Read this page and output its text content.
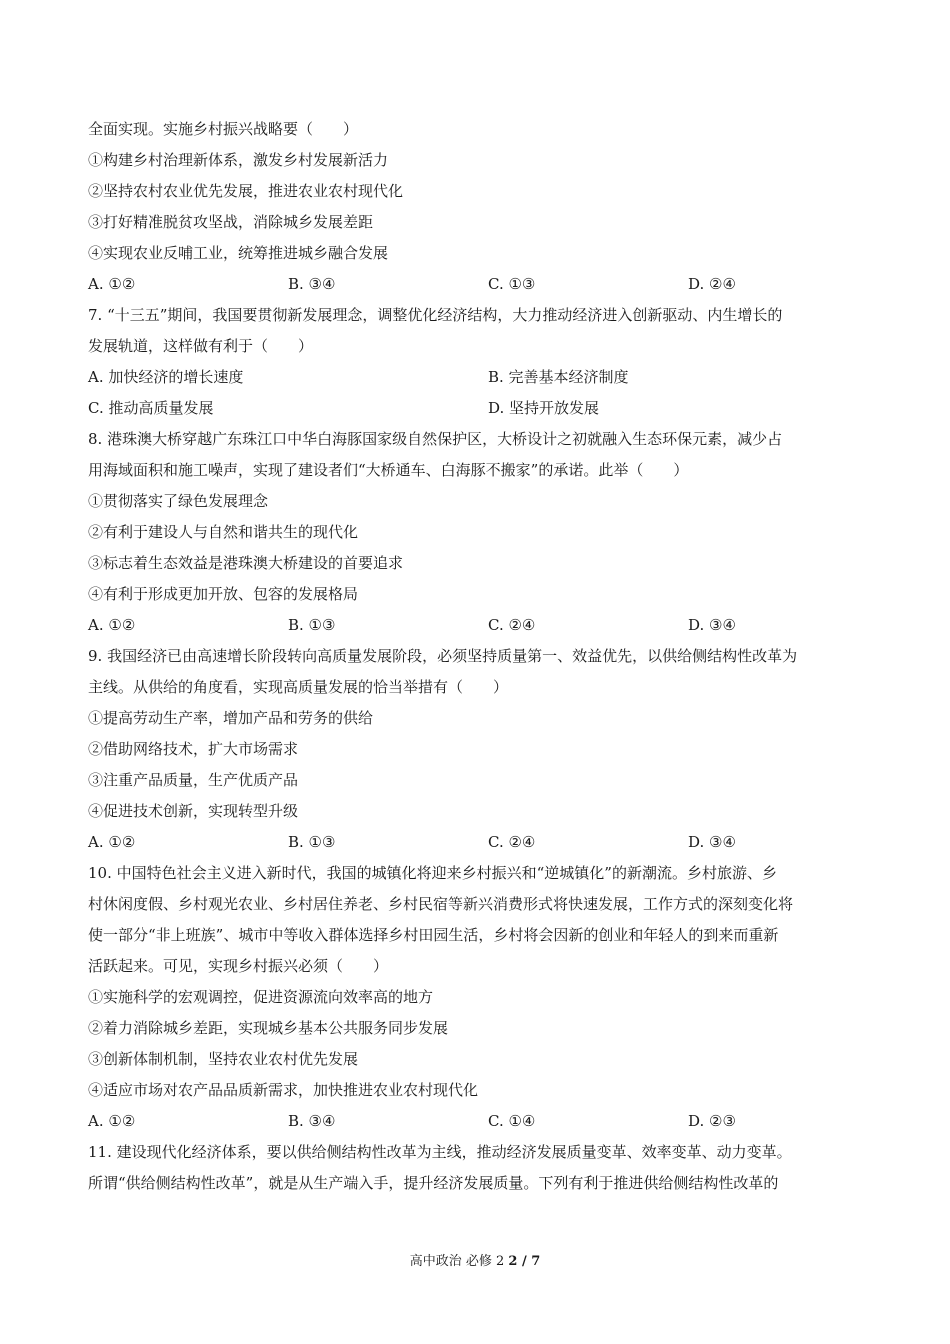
全面实现。实施乡村振兴战略要（　　）
①构建乡村治理新体系，激发乡村发展新活力
②坚持农村农业优先发展，推进农业农村现代化
③打好精准脱贫攻坚战，消除城乡发展差距
④实现农业反哺工业，统筹推进城乡融合发展
A. ①②	B. ③④	C. ①③	D. ②④
7. “十三五”期间，我国要贯彻新发展理念，调整优化经济结构，大力推动经济进入创新驱动、内生增长的
发展轨道，这样做有利于（　　）
A. 加快经济的增长速度	B. 完善基本经济制度
C. 推动高质量发展	D. 坚持开放发展
8. 港珠澳大桥穿越广东珠江口中华白海豚国家级自然保护区，大桥设计之初就融入生态环保元素，减少占
用海域面积和施工噪声，实现了建设者们“大桥通车、白海豚不搬家”的承诺。此举（　　）
①贯彻落实了绿色发展理念
②有利于建设人与自然和谐共生的现代化
③标志着生态效益是港珠澳大桥建设的首要追求
④有利于形成更加开放、包容的发展格局
A. ①②	B. ①③	C. ②④	D. ③④
9. 我国经济已由高速增长阶段转向高质量发展阶段，必须坚持质量第一、效益优先，以供给侧结构性改革为
主线。从供给的角度看，实现高质量发展的恰当举措有（　　）
①提高劳动生产率，增加产品和劳务的供给
②借助网络技术，扩大市场需求
③注重产品质量，生产优质产品
④促进技术创新，实现转型升级
A. ①②	B. ①③	C. ②④	D. ③④
10. 中国特色社会主义进入新时代，我国的城镇化将迎来乡村振兴和“逆城镇化”的新潮流。乡村旅游、乡
村休闲度假、乡村观光农业、乡村居住养老、乡村民宿等新兴消费形式将快速发展，工作方式的深刻变化将
使一部分“非上班族”、城市中等收入群体选择乡村田园生活，乡村将会因新的创业和年轻人的到来而重新
活跃起来。可见，实现乡村振兴必须（　　）
①实施科学的宏观调控，促进资源流向效率高的地方
②着力消除城乡差距，实现城乡基本公共服务同步发展
③创新体制机制，坚持农业农村优先发展
④适应市场对农产品品质新需求，加快推进农业农村现代化
A. ①②	B. ③④	C. ①④	D. ②③
11. 建设现代化经济体系，要以供给侧结构性改革为主线，推动经济发展质量变革、效率变革、动力变革。
所谓“供给侧结构性改革”，就是从生产端入手，提升经济发展质量。下列有利于推进供给侧结构性改革的
高中政治 必修 2 2 / 7
